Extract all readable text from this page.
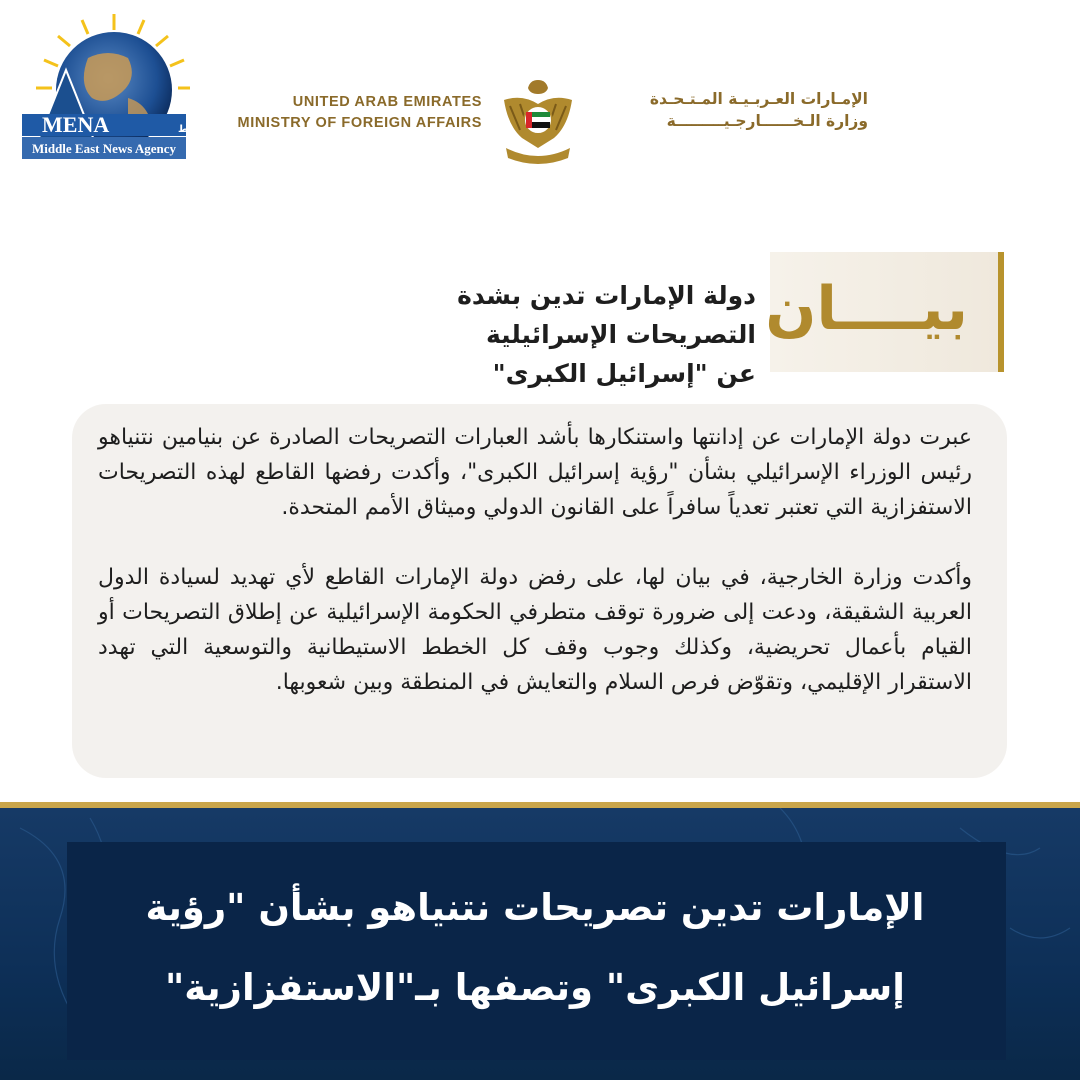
MENA	ط
Middle East News Agency
UNITED ARAB EMIRATES
MINISTRY OF FOREIGN AFFAIRS
الإمـارات العـربـيـة المـتـحـدة
وزارة الـخــــــارجـيـــــــــة
بيــــان
دولة الإمارات تدين بشدة التصريحات الإسرائيلية
عن "إسرائيل الكبرى"

عبرت دولة الإمارات عن إدانتها واستنكارها بأشد العبارات التصريحات الصادرة عن بنيامين نتنياهو رئيس الوزراء الإسرائيلي بشأن "رؤية إسرائيل الكبرى"، وأكدت رفضها القاطع لهذه التصريحات الاستفزازية التي تعتبر تعدياً سافراً على القانون الدولي وميثاق الأمم المتحدة.

وأكدت وزارة الخارجية، في بيان لها، على رفض دولة الإمارات القاطع لأي تهديد لسيادة الدول العربية الشقيقة، ودعت إلى ضرورة توقف متطرفي الحكومة الإسرائيلية عن إطلاق التصريحات أو القيام بأعمال تحريضية، وكذلك وجوب وقف كل الخطط الاستيطانية والتوسعية التي تهدد الاستقرار الإقليمي، وتقوّض فرص السلام والتعايش في المنطقة وبين شعوبها.

الإمارات تدين تصريحات نتنياهو بشأن "رؤية
إسرائيل الكبرى" وتصفها بـ"الاستفزازية"
